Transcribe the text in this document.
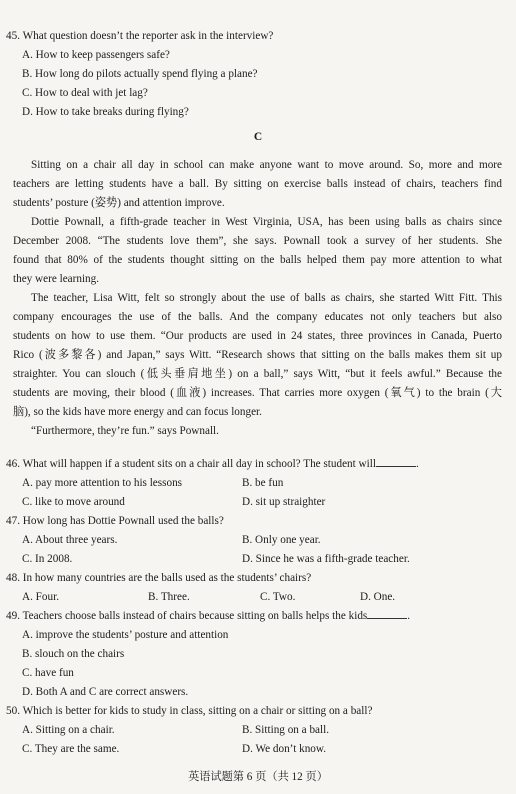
45. What question doesn’t the reporter ask in the interview?
A. How to keep passengers safe?
B. How long do pilots actually spend flying a plane?
C. How to deal with jet lag?
D. How to take breaks during flying?
C
Sitting on a chair all day in school can make anyone want to move around. So, more and more
teachers are letting students have a ball. By sitting on exercise balls instead of chairs, teachers find
students’ posture (姿势) and attention improve.
Dottie Pownall, a fifth-grade teacher in West Virginia, USA, has been using balls as chairs since
December 2008. “The students love them”, she says. Pownall took a survey of her students. She
found that 80% of the students thought sitting on the balls helped them pay more attention to what
they were learning.
The teacher, Lisa Witt, felt so strongly about the use of balls as chairs, she started Witt Fitt. This
company encourages the use of the balls. And the company educates not only teachers but also
students on how to use them. “Our products are used in 24 states, three provinces in Canada, Puerto
Rico (波多黎各) and Japan,” says Witt. “Research shows that sitting on the balls makes them sit up
straighter. You can slouch (低头垂肩地坐) on a ball,” says Witt, “but it feels awful.” Because the
students are moving, their blood (血液) increases. That carries more oxygen (氧气) to the brain (大
脑), so the kids have more energy and can focus longer.
“Furthermore, they’re fun.” says Pownall.
46. What will happen if a student sits on a chair all day in school? The student will	.
A. pay more attention to his lessons	B. be fun
C. like to move around	D. sit up straighter
47. How long has Dottie Pownall used the balls?
A. About three years.	B. Only one year.
C. In 2008.	D. Since he was a fifth-grade teacher.
48. In how many countries are the balls used as the students’ chairs?
A. Four.	B. Three.	C. Two.	D. One.
49. Teachers choose balls instead of chairs because sitting on balls helps the kids	.
A. improve the students’ posture and attention
B. slouch on the chairs
C. have fun
D. Both A and C are correct answers.
50. Which is better for kids to study in class, sitting on a chair or sitting on a ball?
A. Sitting on a chair.	B. Sitting on a ball.
C. They are the same.	D. We don’t know.
英语试题第 6 页（共 12 页）
